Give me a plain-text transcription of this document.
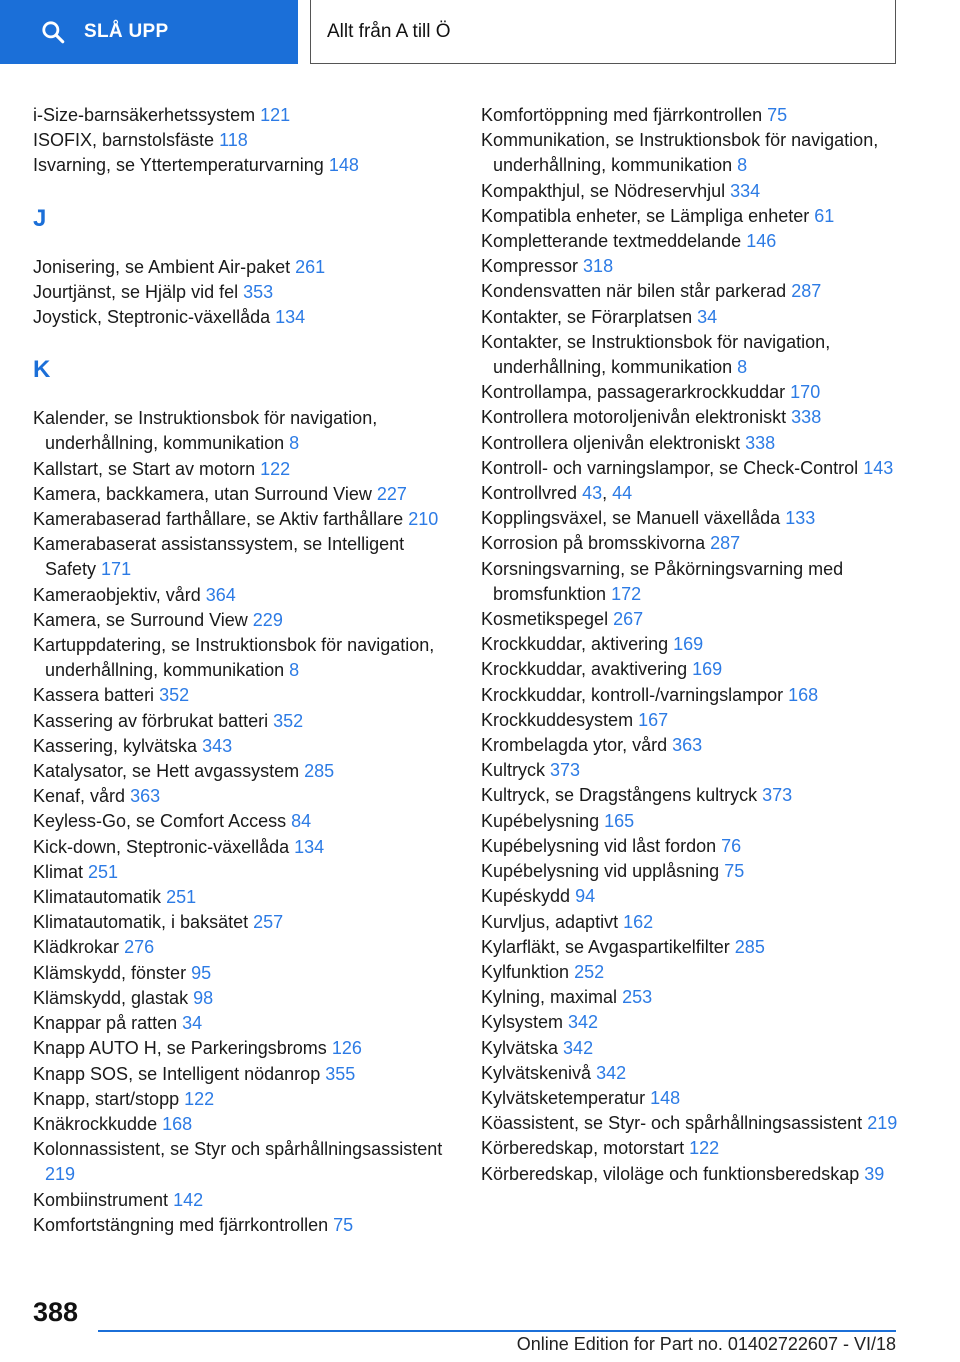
SLÅ UPP	Allt från A till Ö
i-Size-barnsäkerhetssystem 121
ISOFIX, barnstolsfäste 118
Isvarning, se Yttertemperaturvarning 148
J
Jonisering, se Ambient Air-paket 261
Jourtjänst, se Hjälp vid fel 353
Joystick, Steptronic-växellåda 134
K
Kalender, se Instruktionsbok för navigation, underhållning, kommunikation 8
Kallstart, se Start av motorn 122
Kamera, backkamera, utan Surround View 227
Kamerabaserad farthållare, se Aktiv farthållare 210
Kamerabaserat assistanssystem, se Intelligent Safety 171
Kameraobjektiv, vård 364
Kamera, se Surround View 229
Kartuppdatering, se Instruktionsbok för navigation, underhållning, kommunikation 8
Kassera batteri 352
Kassering av förbrukat batteri 352
Kassering, kylvätska 343
Katalysator, se Hett avgassystem 285
Kenaf, vård 363
Keyless-Go, se Comfort Access 84
Kick-down, Steptronic-växellåda 134
Klimat 251
Klimatautomatik 251
Klimatautomatik, i baksätet 257
Klädkrokar 276
Klämskydd, fönster 95
Klämskydd, glastak 98
Knappar på ratten 34
Knapp AUTO H, se Parkeringsbroms 126
Knapp SOS, se Intelligent nödanrop 355
Knapp, start/stopp 122
Knäkrockkudde 168
Kolonnassistent, se Styr och spårhållningsassistent 219
Kombiinstrument 142
Komfortstängning med fjärrkontrollen 75
Komfortöppning med fjärrkontrollen 75
Kommunikation, se Instruktionsbok för navigation, underhållning, kommunikation 8
Kompakthjul, se Nödreservhjul 334
Kompatibla enheter, se Lämpliga enheter 61
Kompletterande textmeddelande 146
Kompressor 318
Kondensvatten när bilen står parkerad 287
Kontakter, se Förarplatsen 34
Kontakter, se Instruktionsbok för navigation, underhållning, kommunikation 8
Kontrollampa, passagerarkrockkuddar 170
Kontrollera motoroljenivån elektroniskt 338
Kontrollera oljenivån elektroniskt 338
Kontroll- och varningslampor, se Check-Control 143
Kontrollvred 43, 44
Kopplingsväxel, se Manuell växellåda 133
Korrosion på bromsskivorna 287
Korsningsvarning, se Påkörningsvarning med bromsfunktion 172
Kosmetikspegel 267
Krockkuddar, aktivering 169
Krockkuddar, avaktivering 169
Krockkuddar, kontroll-/varningslampor 168
Krockkuddesystem 167
Krombelagda ytor, vård 363
Kultryck 373
Kultryck, se Dragstångens kultryck 373
Kupébelysning 165
Kupébelysning vid låst fordon 76
Kupébelysning vid upplåsning 75
Kupéskydd 94
Kurvljus, adaptivt 162
Kylarfläkt, se Avgaspartikelfilter 285
Kylfunktion 252
Kylning, maximal 253
Kylsystem 342
Kylvätska 342
Kylvätskenivå 342
Kylvätsketemperatur 148
Köassistent, se Styr- och spårhållningsassistent 219
Körberedskap, motorstart 122
Körberedskap, viloläge och funktionsberedskap 39
388
Online Edition for Part no. 01402722607 - VI/18
